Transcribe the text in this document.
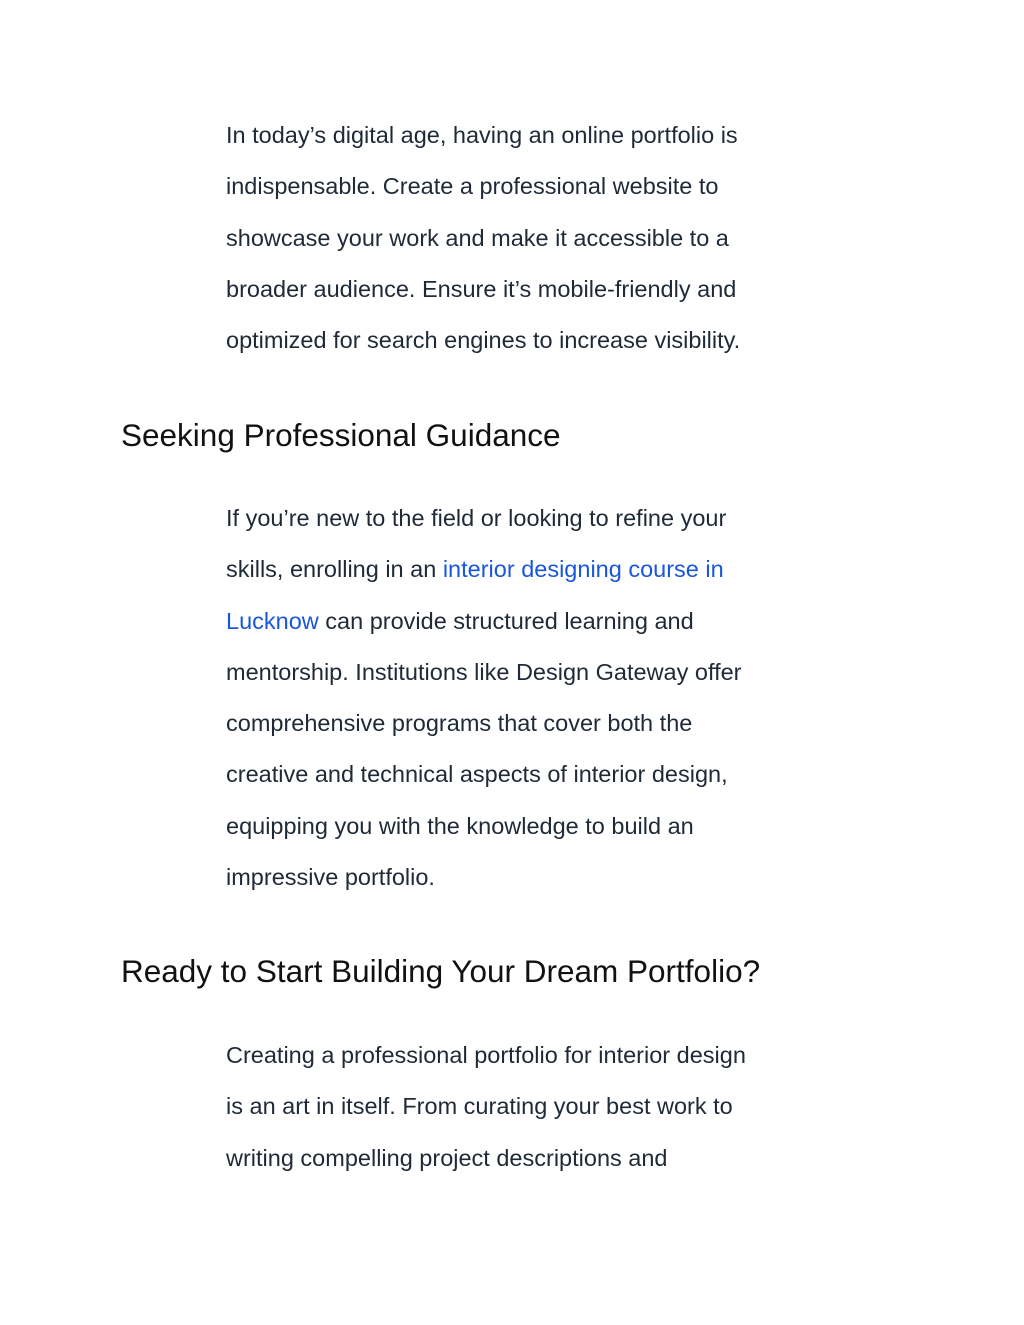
In today’s digital age, having an online portfolio is
indispensable. Create a professional website to
showcase your work and make it accessible to a
broader audience. Ensure it’s mobile-friendly and
optimized for search engines to increase visibility.

Seeking Professional Guidance

If you’re new to the field or looking to refine your
skills, enrolling in an interior designing course in
Lucknow can provide structured learning and
mentorship. Institutions like Design Gateway offer
comprehensive programs that cover both the
creative and technical aspects of interior design,
equipping you with the knowledge to build an
impressive portfolio.

Ready to Start Building Your Dream Portfolio?

Creating a professional portfolio for interior design
is an art in itself. From curating your best work to
writing compelling project descriptions and
